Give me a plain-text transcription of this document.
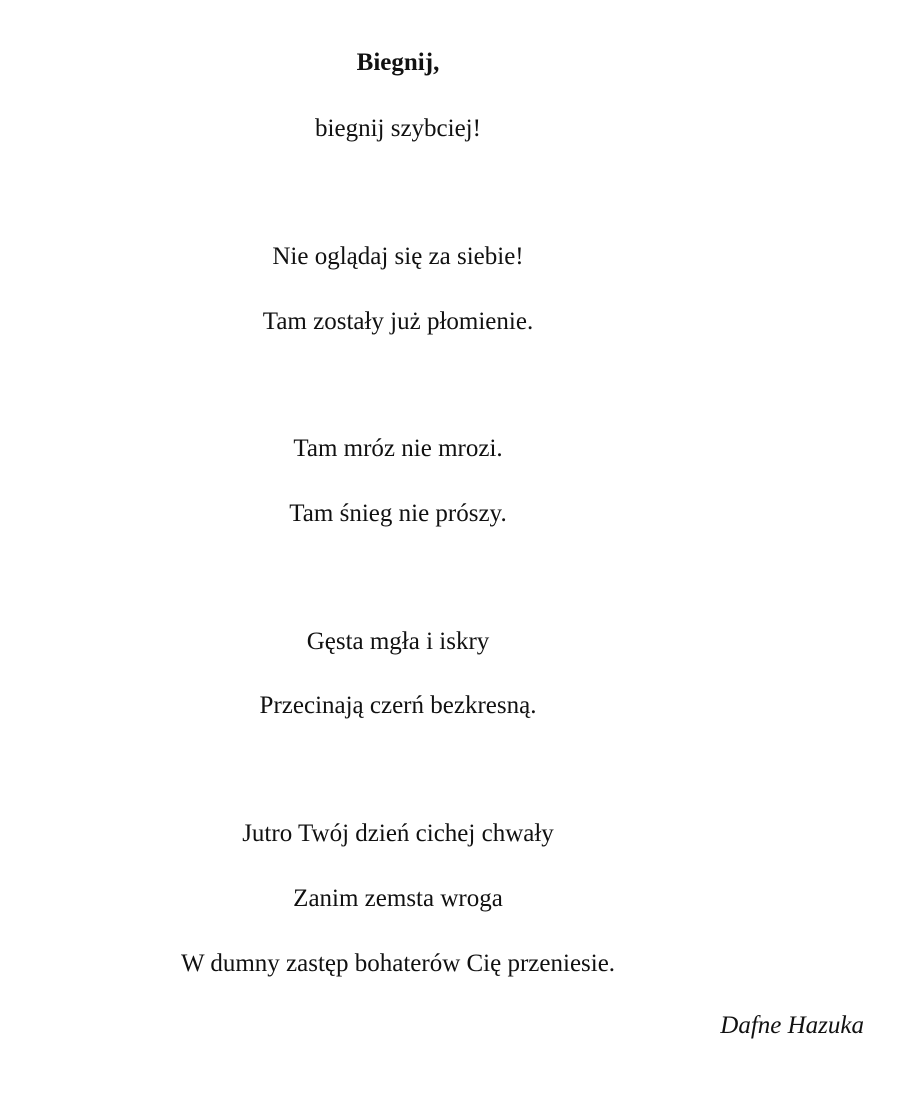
Biegnij,
biegnij szybciej!
Nie oglądaj się za siebie!
Tam zostały już płomienie.
Tam mróz nie mrozi.
Tam śnieg nie prószy.
Gęsta mgła i iskry
Przecinają czerń bezkresną.
Jutro Twój dzień cichej chwały
Zanim zemsta wroga
W dumny zastęp bohaterów Cię przeniesie.
Dafne Hazuka
